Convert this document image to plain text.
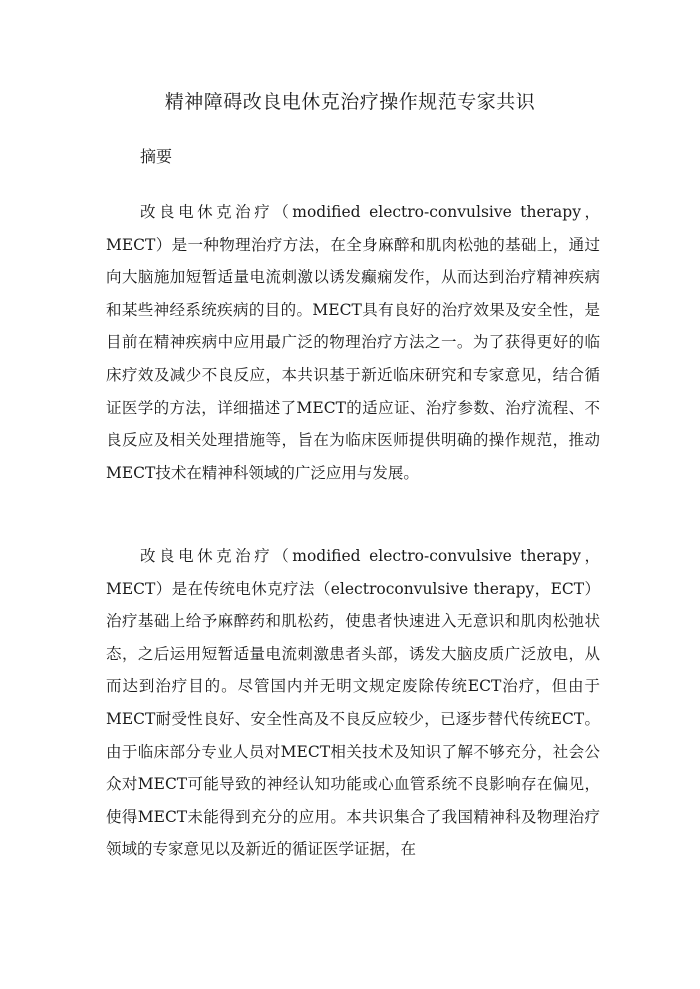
精神障碍改良电休克治疗操作规范专家共识
摘要

改良电休克治疗（modified electro-convulsive therapy，MECT）是一种物理治疗方法，在全身麻醉和肌肉松弛的基础上，通过向大脑施加短暂适量电流刺激以诱发癫痫发作，从而达到治疗精神疾病和某些神经系统疾病的目的。MECT具有良好的治疗效果及安全性，是目前在精神疾病中应用最广泛的物理治疗方法之一。为了获得更好的临床疗效及减少不良反应，本共识基于新近临床研究和专家意见，结合循证医学的方法，详细描述了MECT的适应证、治疗参数、治疗流程、不良反应及相关处理措施等，旨在为临床医师提供明确的操作规范，推动MECT技术在精神科领域的广泛应用与发展。

改良电休克治疗（modified electro-convulsive therapy，MECT）是在传统电休克疗法（electroconvulsive therapy，ECT）治疗基础上给予麻醉药和肌松药，使患者快速进入无意识和肌肉松弛状态，之后运用短暂适量电流刺激患者头部，诱发大脑皮质广泛放电，从而达到治疗目的。尽管国内并无明文规定废除传统ECT治疗，但由于MECT耐受性良好、安全性高及不良反应较少，已逐步替代传统ECT。由于临床部分专业人员对MECT相关技术及知识了解不够充分，社会公众对MECT可能导致的神经认知功能或心血管系统不良影响存在偏见，使得MECT未能得到充分的应用。本共识集合了我国精神科及物理治疗领域的专家意见以及新近的循证医学证据，在
